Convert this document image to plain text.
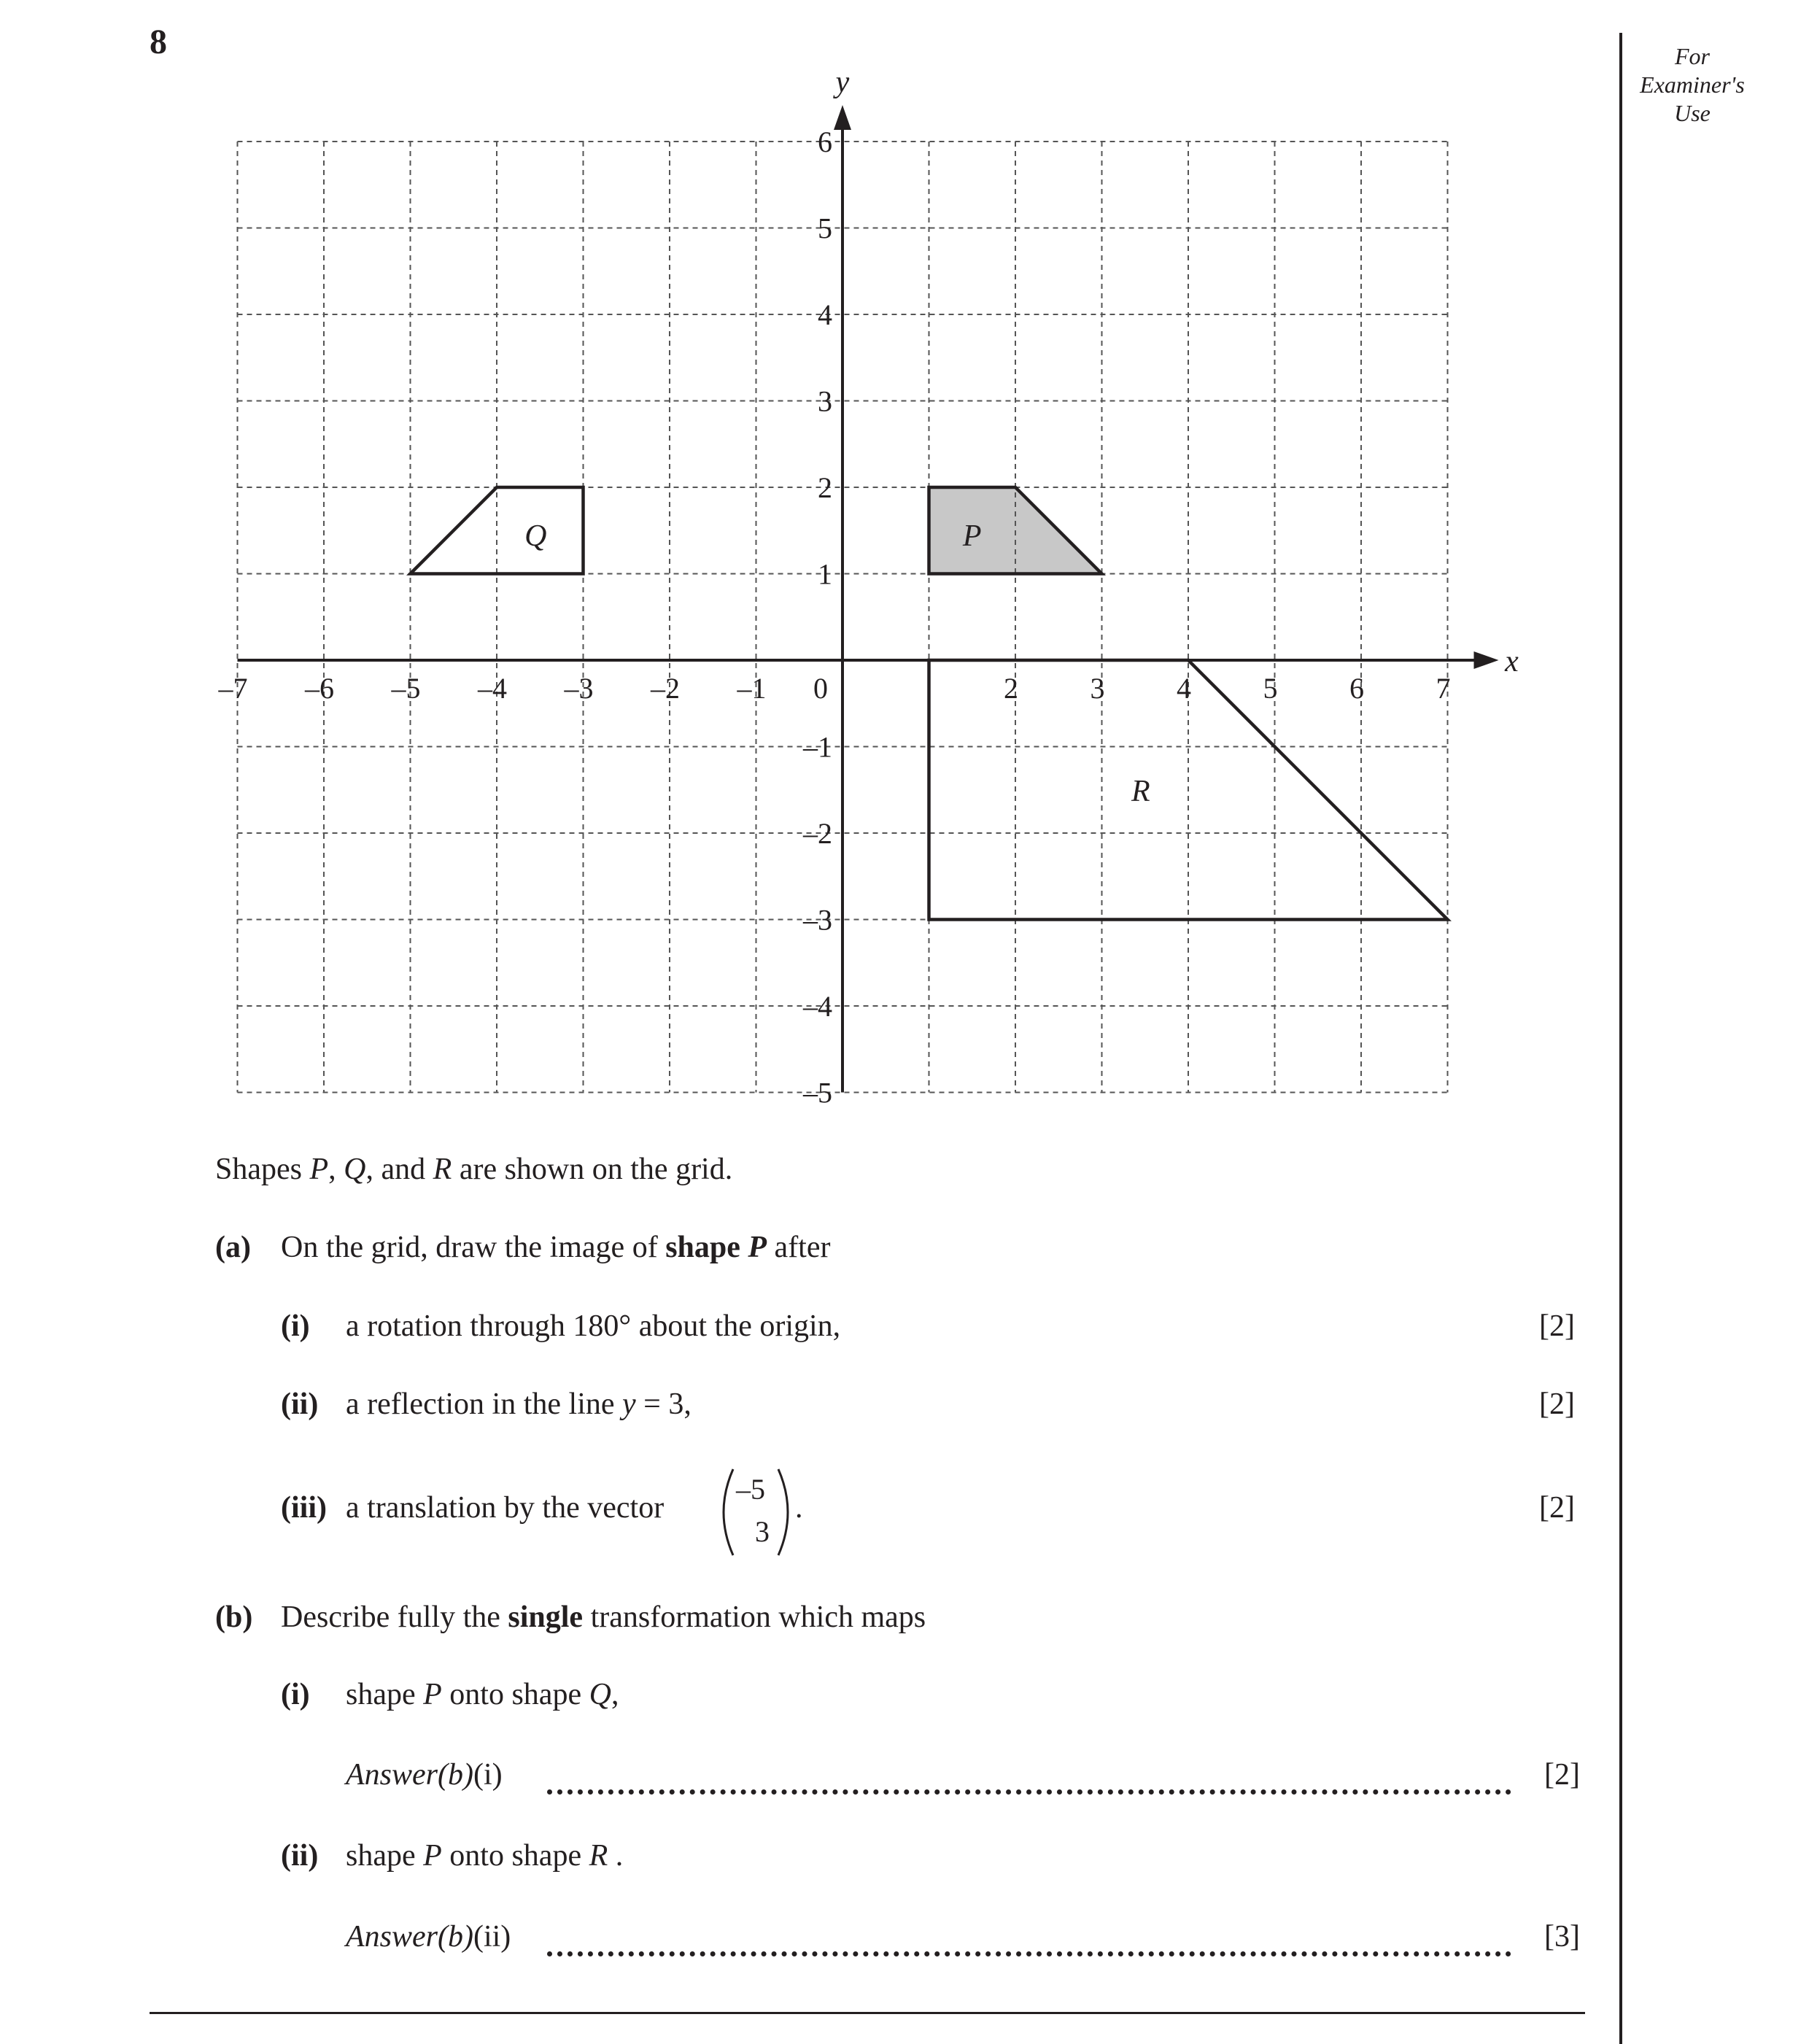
8	For
Examiner's
Use
x
y
–7 –6 –5 –4 –3 –2 –1 0	2 3 4 5 6 7
6
5
4
3
2
1
–1
–2
–3
–4
–5
P
Q
R
Shapes P, Q, and R are shown on the grid.
(a) On the grid, draw the image of shape P after
(i) a rotation through 180° about the origin,	[2]
(ii) a reflection in the line y = 3,	[2]
(iii) a translation by the vector
–5
3
.	[2]
(b) Describe fully the single transformation which maps
(i) shape P onto shape Q,
Answer(b)(i)	[2]
(ii) shape P onto shape R .
Answer(b)(ii)	[3]
